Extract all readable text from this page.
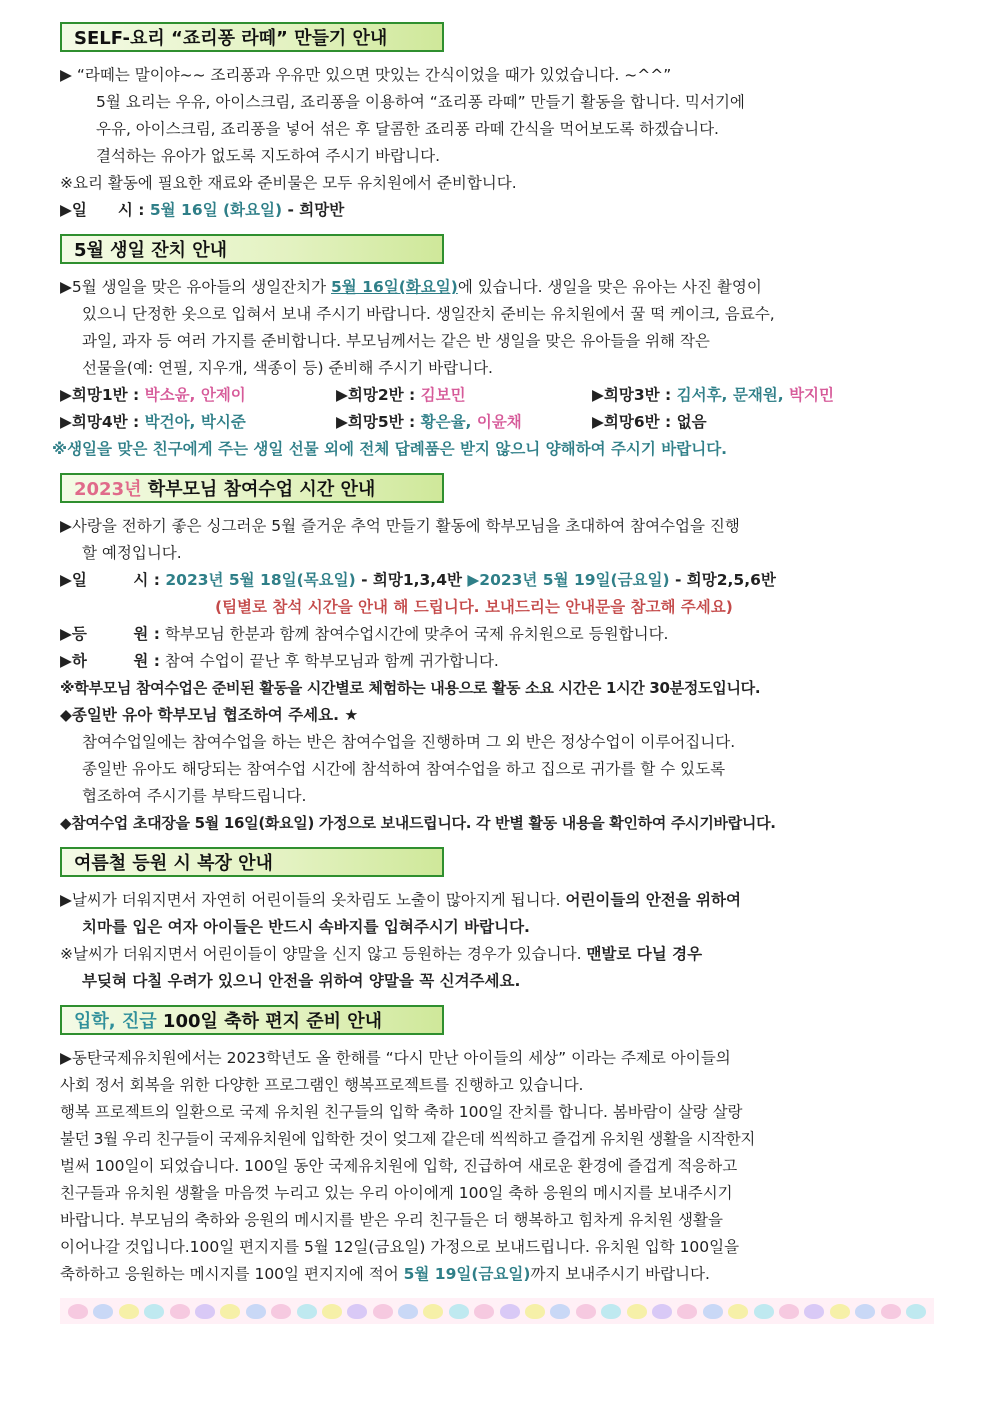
SELF-요리 “죠리퐁 라떼” 만들기 안내
▶ “라떼는 말이야~~ 조리퐁과 우유만 있으면 맛있는 간식이었을 때가 있었습니다. ~^^”
5월 요리는 우유, 아이스크림, 죠리퐁을 이용하여 “죠리퐁 라떼” 만들기 활동을 합니다. 믹서기에
우유, 아이스크림, 죠리퐁을 넣어 섞은 후 달콤한 죠리퐁 라떼 간식을 먹어보도록 하겠습니다.
결석하는 유아가 없도록 지도하여 주시기 바랍니다.
※요리 활동에 필요한 재료와 준비물은 모두 유치원에서 준비합니다.
▶일　　시 : 5월 16일 (화요일) - 희망반
5월 생일 잔치 안내
▶5월 생일을 맞은 유아들의 생일잔치가 5월 16일(화요일)에 있습니다. 생일을 맞은 유아는 사진 촬영이
있으니 단정한 옷으로 입혀서 보내 주시기 바랍니다. 생일잔치 준비는 유치원에서 꿀 떡 케이크, 음료수,
과일, 과자 등 여러 가지를 준비합니다. 부모님께서는 같은 반 생일을 맞은 유아들을 위해 작은
선물을(예: 연필, 지우개, 색종이 등) 준비해 주시기 바랍니다.
▶희망1반 : 박소윤, 안제이	▶희망2반 : 김보민	▶희망3반 : 김서후, 문재원, 박지민
▶희망4반 : 박건아, 박시준	▶희망5반 : 황은율, 이윤채	▶희망6반 : 없음
※생일을 맞은 친구에게 주는 생일 선물 외에 전체 답례품은 받지 않으니 양해하여 주시기 바랍니다.
2023년 학부모님 참여수업 시간 안내
▶사랑을 전하기 좋은 싱그러운 5월 즐거운 추억 만들기 활동에 학부모님을 초대하여 참여수업을 진행
할 예정입니다.
▶일　　　시 : 2023년 5월 18일(목요일) - 희망1,3,4반 ▶2023년 5월 19일(금요일) - 희망2,5,6반
(팀별로 참석 시간을 안내 해 드립니다. 보내드리는 안내문을 참고해 주세요)
▶등　　　원 : 학부모님 한분과 함께 참여수업시간에 맞추어 국제 유치원으로 등원합니다.
▶하　　　원 : 참여 수업이 끝난 후 학부모님과 함께 귀가합니다.
※학부모님 참여수업은 준비된 활동을 시간별로 체험하는 내용으로 활동 소요 시간은 1시간 30분정도입니다.
◆종일반 유아 학부모님 협조하여 주세요. ★
참여수업일에는 참여수업을 하는 반은 참여수업을 진행하며 그 외 반은 정상수업이 이루어집니다.
종일반 유아도 해당되는 참여수업 시간에 참석하여 참여수업을 하고 집으로 귀가를 할 수 있도록
협조하여 주시기를 부탁드립니다.
◆참여수업 초대장을 5월 16일(화요일) 가정으로 보내드립니다. 각 반별 활동 내용을 확인하여 주시기바랍니다.
여름철 등원 시 복장 안내
▶날씨가 더워지면서 자연히 어린이들의 옷차림도 노출이 많아지게 됩니다. 어린이들의 안전을 위하여
치마를 입은 여자 아이들은 반드시 속바지를 입혀주시기 바랍니다.
※날씨가 더워지면서 어린이들이 양말을 신지 않고 등원하는 경우가 있습니다. 맨발로 다닐 경우
부딪혀 다칠 우려가 있으니 안전을 위하여 양말을 꼭 신겨주세요.
입학, 진급 100일 축하 편지 준비 안내
▶동탄국제유치원에서는 2023학년도 올 한해를 “다시 만난 아이들의 세상” 이라는 주제로 아이들의
사회 정서 회복을 위한 다양한 프로그램인 행복프로젝트를 진행하고 있습니다.
행복 프로젝트의 일환으로 국제 유치원 친구들의 입학 축하 100일 잔치를 합니다. 봄바람이 살랑 살랑
불던 3월 우리 친구들이 국제유치원에 입학한 것이 엊그제 같은데 씩씩하고 즐겁게 유치원 생활을 시작한지
벌써 100일이 되었습니다. 100일 동안 국제유치원에 입학, 진급하여 새로운 환경에 즐겁게 적응하고
친구들과 유치원 생활을 마음껏 누리고 있는 우리 아이에게 100일 축하 응원의 메시지를 보내주시기
바랍니다. 부모님의 축하와 응원의 메시지를 받은 우리 친구들은 더 행복하고 힘차게 유치원 생활을
이어나갈 것입니다.100일 편지지를 5월 12일(금요일) 가정으로 보내드립니다. 유치원 입학 100일을
축하하고 응원하는 메시지를 100일 편지지에 적어 5월 19일(금요일)까지 보내주시기 바랍니다.
